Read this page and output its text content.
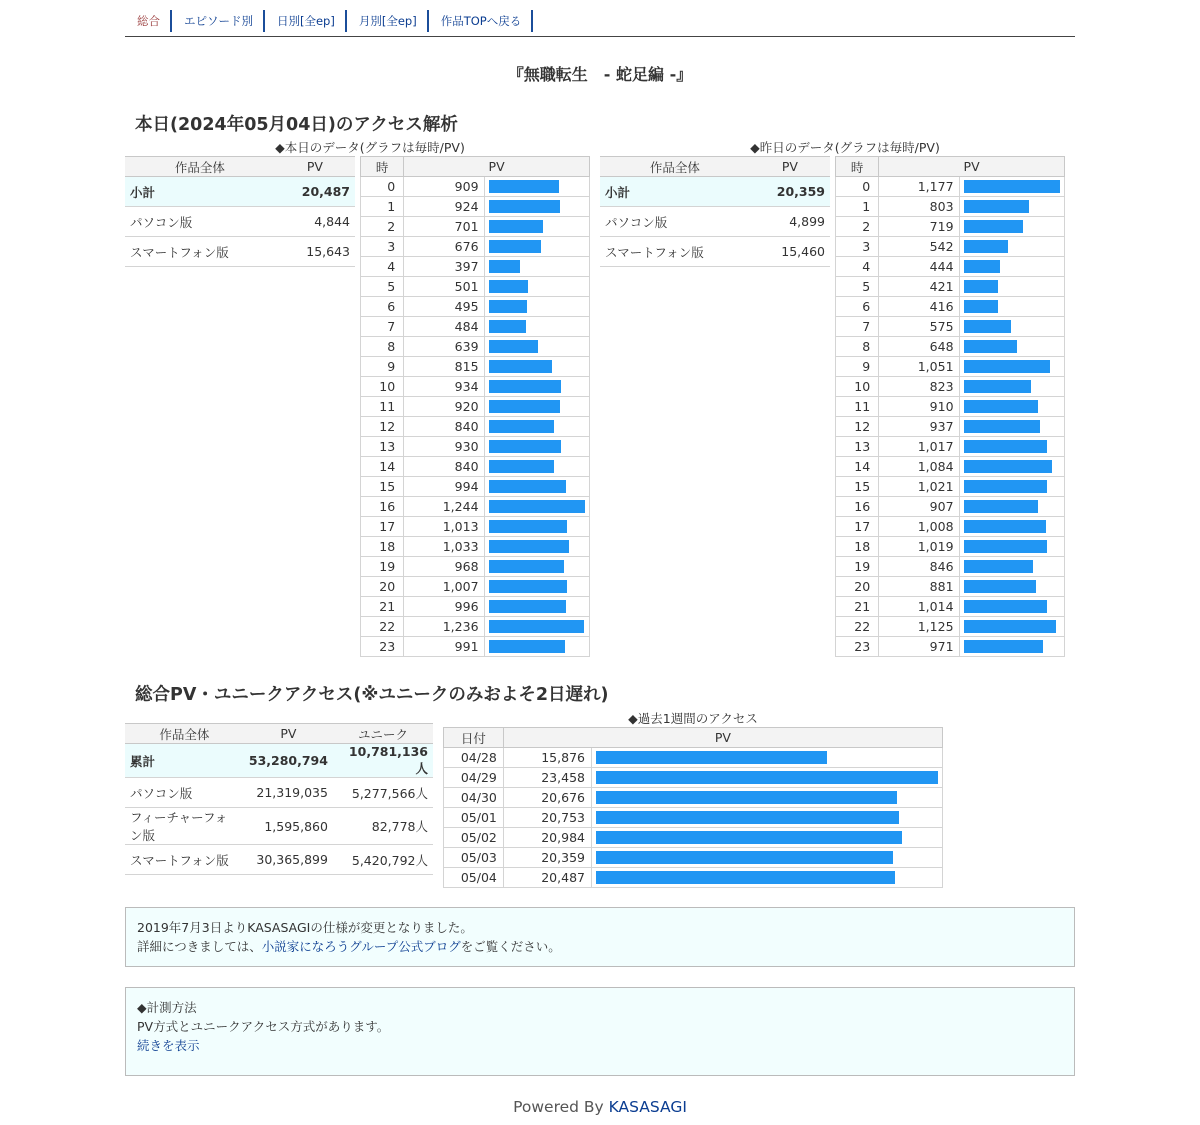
総合	エピソード別	日別[全ep]	月別[全ep]	作品TOPへ戻る
『無職転生　- 蛇足編 -』
本日(2024年05月04日)のアクセス解析
◆本日のデータ(グラフは毎時/PV)
作品全体	PV
小計	20,487
パソコン版	4,844
スマートフォン版	15,643
時	PV	
0	909	

1	924	

2	701	

3	676	

4	397	

5	501	

6	495	

7	484	

8	639	

9	815	

10	934	

11	920	

12	840	

13	930	

14	840	

15	994	

16	1,244	

17	1,013	

18	1,033	

19	968	

20	1,007	

21	996	

22	1,236	

23	991	
◆昨日のデータ(グラフは毎時/PV)
作品全体	PV
小計	20,359
パソコン版	4,899
スマートフォン版	15,460
時	PV	
0	1,177	

1	803	

2	719	

3	542	

4	444	

5	421	

6	416	

7	575	

8	648	

9	1,051	

10	823	

11	910	

12	937	

13	1,017	

14	1,084	

15	1,021	

16	907	

17	1,008	

18	1,019	

19	846	

20	881	

21	1,014	

22	1,125	

23	971	
総合PV・ユニークアクセス(※ユニークのみおよそ2日遅れ)
作品全体	PV	ユニーク
累計	53,280,794	10,781,136人
パソコン版	21,319,035	5,277,566人
フィーチャーフォン版	1,595,860	82,778人
スマートフォン版	30,365,899	5,420,792人
◆過去1週間のアクセス
日付	PV	
04/28	15,876	

04/29	23,458	

04/30	20,676	

05/01	20,753	

05/02	20,984	

05/03	20,359	

05/04	20,487	
2019年7月3日よりKASASAGIの仕様が変更となりました。
詳細につきましては、小説家になろうグループ公式ブログをご覧ください。
◆計測方法
PV方式とユニークアクセス方式があります。
続きを表示
Powered By KASASAGI
